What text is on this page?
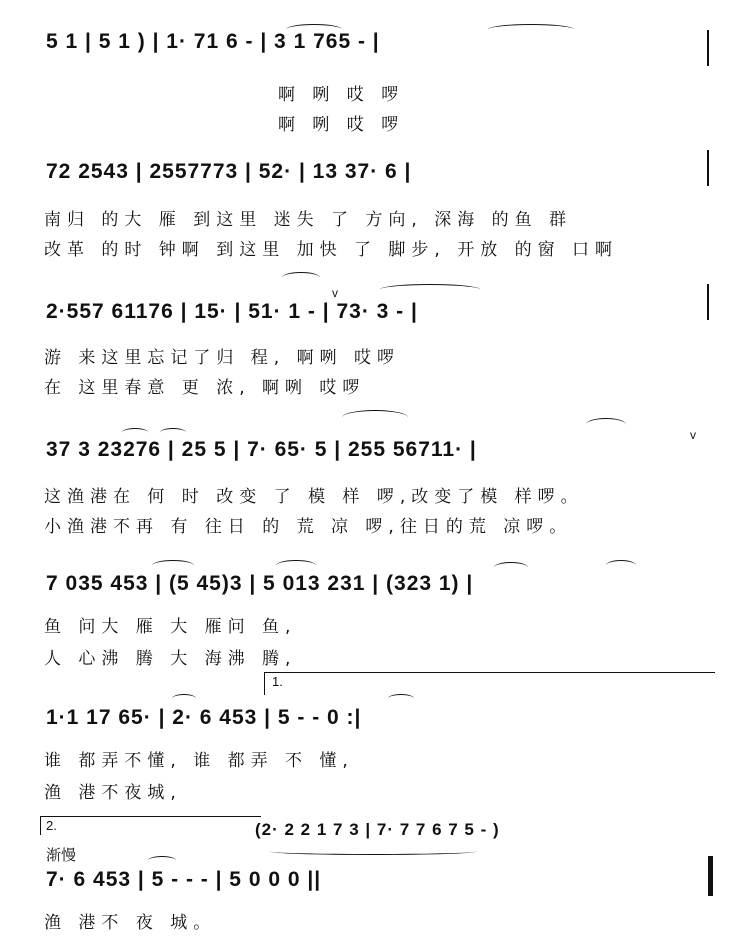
5 1 | 5 1 ) | 1· 71 6 - | 3 1 765 - |
啊 咧 哎 啰
啊 咧 哎 啰
72 2543 | 2557773 | 52· | 13 37· 6 |
南归 的大 雁 到这里 迷失 了 方向, 深海 的鱼 群
改革 的时 钟啊 到这里 加快 了 脚步, 开放 的窗 口啊
2·557 61176 | 15· | 51· 1 - | 73· 3 - |
v
游 来这里忘记了归 程, 啊咧 哎啰
在 这里春意 更 浓, 啊咧 哎啰
37 3 23276 | 25 5 | 7· 65· 5 | 255 56711· |
v
这渔港在 何 时 改变 了 模 样 啰,改变了模 样啰。
小渔港不再 有 往日 的 荒 凉 啰,往日的荒 凉啰。
7 035 453 | (5 45)3 | 5 013 231 | (323 1) |
鱼 问大 雁 大 雁问 鱼,
人 心沸 腾 大 海沸 腾,
1.
1·1 17 65· | 2· 6 453 | 5 - - 0 :|
谁 都弄不懂, 谁 都弄 不 懂,
渔 港不夜城,
2.	(2· 2 2 1 7 3 | 7· 7 7 6 7 5 - )
渐慢
7· 6 453 | 5 - - - | 5 0 0 0 ||
渔 港不 夜 城。
